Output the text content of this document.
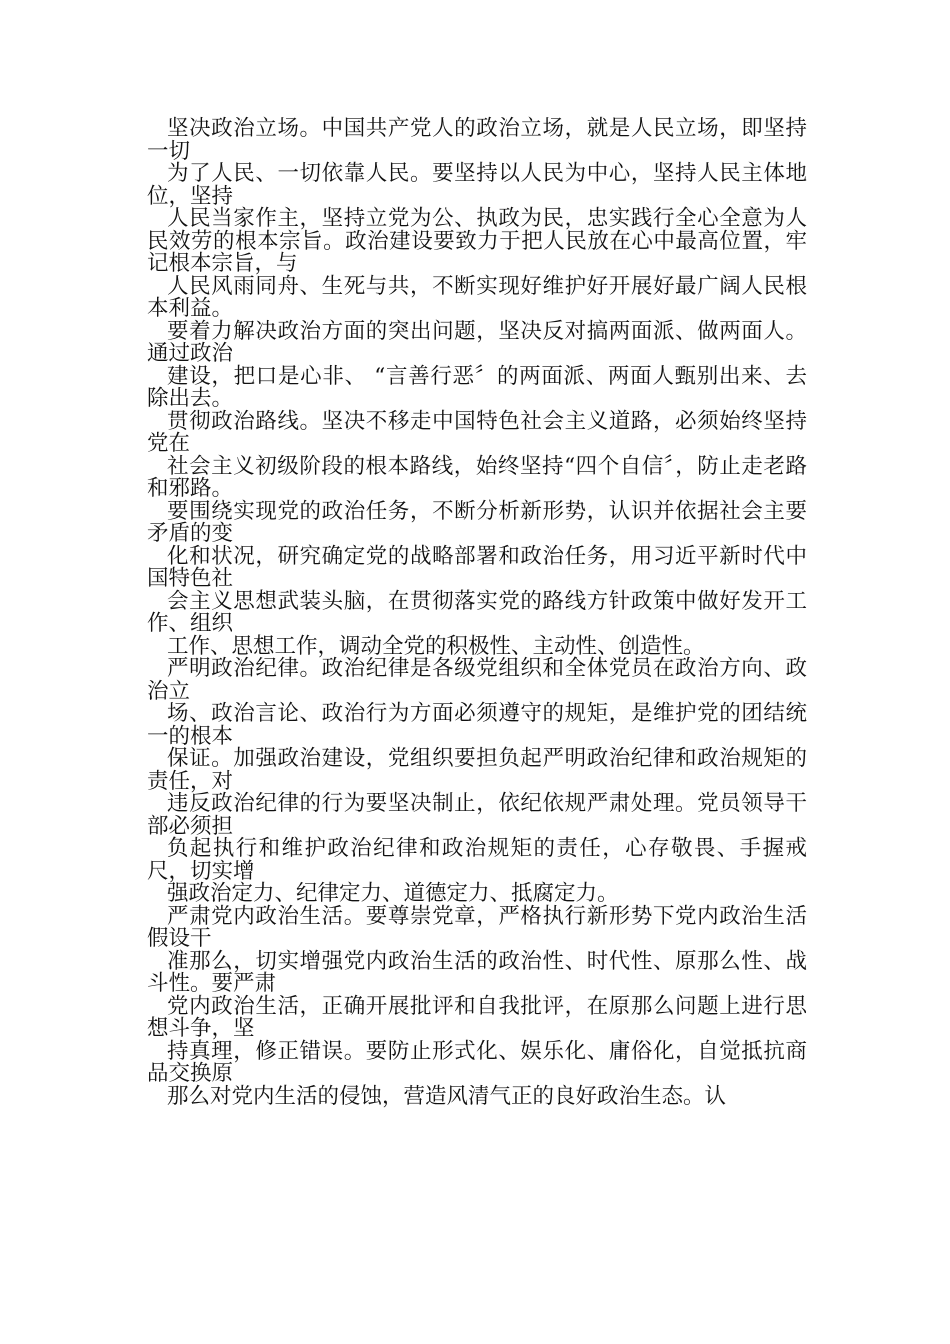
坚决政治立场。中国共产党人的政治立场，就是人民立场，即坚持一切

为了人民、一切依靠人民。要坚持以人民为中心，坚持人民主体地位，坚持

人民当家作主，坚持立党为公、执政为民，忠实践行全心全意为人民效劳的根本宗旨。政治建设要致力于把人民放在心中最高位置，牢记根本宗旨，与

人民风雨同舟、生死与共，不断实现好维护好开展好最广阔人民根本利益。

要着力解决政治方面的突出问题，坚决反对搞两面派、做两面人。通过政治

建设，把口是心非、 “言善行恶〞的两面派、两面人甄别出来、去除出去。

贯彻政治路线。坚决不移走中国特色社会主义道路，必须始终坚持党在

社会主义初级阶段的根本路线，始终坚持“四个自信〞，防止走老路和邪路。

要围绕实现党的政治任务，不断分析新形势，认识并依据社会主要矛盾的变

化和状况，研究确定党的战略部署和政治任务，用习近平新时代中国特色社

会主义思想武装头脑，在贯彻落实党的路线方针政策中做好发开工作、组织

工作、思想工作，调动全党的积极性、主动性、创造性。

严明政治纪律。政治纪律是各级党组织和全体党员在政治方向、政治立

场、政治言论、政治行为方面必须遵守的规矩，是维护党的团结统一的根本

保证。加强政治建设，党组织要担负起严明政治纪律和政治规矩的责任，对

违反政治纪律的行为要坚决制止，依纪依规严肃处理。党员领导干部必须担

负起执行和维护政治纪律和政治规矩的责任，心存敬畏、手握戒尺，切实增

强政治定力、纪律定力、道德定力、抵腐定力。

严肃党内政治生活。要尊崇党章，严格执行新形势下党内政治生活假设干

准那么，切实增强党内政治生活的政治性、时代性、原那么性、战斗性。要严肃

党内政治生活，正确开展批评和自我批评，在原那么问题上进行思想斗争，坚

持真理，修正错误。要防止形式化、娱乐化、庸俗化，自觉抵抗商品交换原

那么对党内生活的侵蚀，营造风清气正的良好政治生态。认
